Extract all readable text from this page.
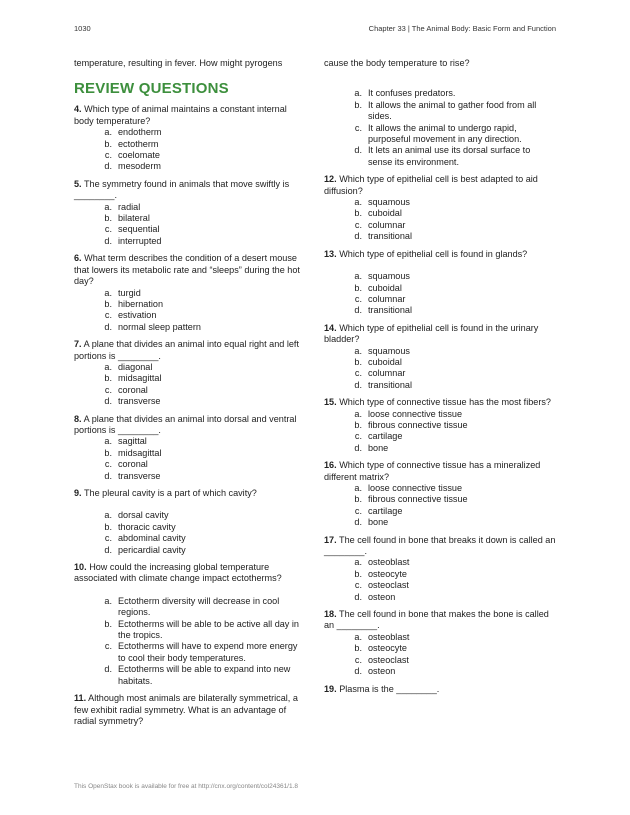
1030	Chapter 33 | The Animal Body: Basic Form and Function
temperature, resulting in fever. How might pyrogens
REVIEW QUESTIONS
4. Which type of animal maintains a constant internal body temperature?
a. endotherm
b. ectotherm
c. coelomate
d. mesoderm
5. The symmetry found in animals that move swiftly is ________.
a. radial
b. bilateral
c. sequential
d. interrupted
6. What term describes the condition of a desert mouse that lowers its metabolic rate and “sleeps” during the hot day?
a. turgid
b. hibernation
c. estivation
d. normal sleep pattern
7. A plane that divides an animal into equal right and left portions is ________.
a. diagonal
b. midsagittal
c. coronal
d. transverse
8. A plane that divides an animal into dorsal and ventral portions is ________.
a. sagittal
b. midsagittal
c. coronal
d. transverse
9. The pleural cavity is a part of which cavity?
a. dorsal cavity
b. thoracic cavity
c. abdominal cavity
d. pericardial cavity
10. How could the increasing global temperature associated with climate change impact ectotherms?
a. Ectotherm diversity will decrease in cool regions.
b. Ectotherms will be able to be active all day in the tropics.
c. Ectotherms will have to expend more energy to cool their body temperatures.
d. Ectotherms will be able to expand into new habitats.
11. Although most animals are bilaterally symmetrical, a few exhibit radial symmetry. What is an advantage of radial symmetry?
cause the body temperature to rise?
a. It confuses predators.
b. It allows the animal to gather food from all sides.
c. It allows the animal to undergo rapid, purposeful movement in any direction.
d. It lets an animal use its dorsal surface to sense its environment.
12. Which type of epithelial cell is best adapted to aid diffusion?
a. squamous
b. cuboidal
c. columnar
d. transitional
13. Which type of epithelial cell is found in glands?
a. squamous
b. cuboidal
c. columnar
d. transitional
14. Which type of epithelial cell is found in the urinary bladder?
a. squamous
b. cuboidal
c. columnar
d. transitional
15. Which type of connective tissue has the most fibers?
a. loose connective tissue
b. fibrous connective tissue
c. cartilage
d. bone
16. Which type of connective tissue has a mineralized different matrix?
a. loose connective tissue
b. fibrous connective tissue
c. cartilage
d. bone
17. The cell found in bone that breaks it down is called an ________.
a. osteoblast
b. osteocyte
c. osteoclast
d. osteon
18. The cell found in bone that makes the bone is called an ________.
a. osteoblast
b. osteocyte
c. osteoclast
d. osteon
19. Plasma is the ________.
This OpenStax book is available for free at http://cnx.org/content/col24361/1.8
